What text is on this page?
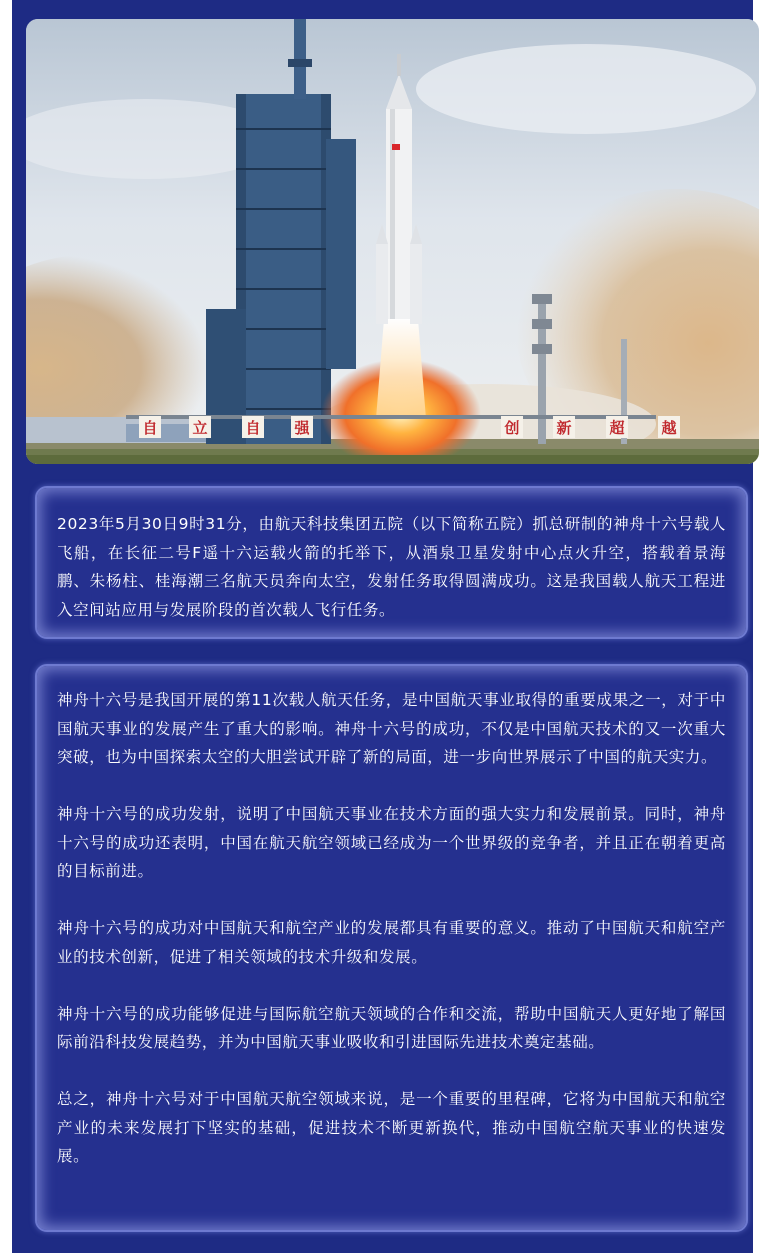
自 立	自 强	创 新	超 越

2023年5月30日9时31分，由航天科技集团五院（以下简称五院）抓总研制的神舟十六号载人飞船，在长征二号F遥十六运载火箭的托举下，从酒泉卫星发射中心点火升空，搭载着景海鹏、朱杨柱、桂海潮三名航天员奔向太空，发射任务取得圆满成功。这是我国载人航天工程进入空间站应用与发展阶段的首次载人飞行任务。

神舟十六号是我国开展的第11次载人航天任务，是中国航天事业取得的重要成果之一，对于中国航天事业的发展产生了重大的影响。神舟十六号的成功，不仅是中国航天技术的又一次重大突破，也为中国探索太空的大胆尝试开辟了新的局面，进一步向世界展示了中国的航天实力。

神舟十六号的成功发射，说明了中国航天事业在技术方面的强大实力和发展前景。同时，神舟十六号的成功还表明，中国在航天航空领域已经成为一个世界级的竞争者，并且正在朝着更高的目标前进。

神舟十六号的成功对中国航天和航空产业的发展都具有重要的意义。推动了中国航天和航空产业的技术创新，促进了相关领域的技术升级和发展。

神舟十六号的成功能够促进与国际航空航天领域的合作和交流，帮助中国航天人更好地了解国际前沿科技发展趋势，并为中国航天事业吸收和引进国际先进技术奠定基础。

总之，神舟十六号对于中国航天航空领域来说，是一个重要的里程碑，它将为中国航天和航空产业的未来发展打下坚实的基础，促进技术不断更新换代，推动中国航空航天事业的快速发展。
